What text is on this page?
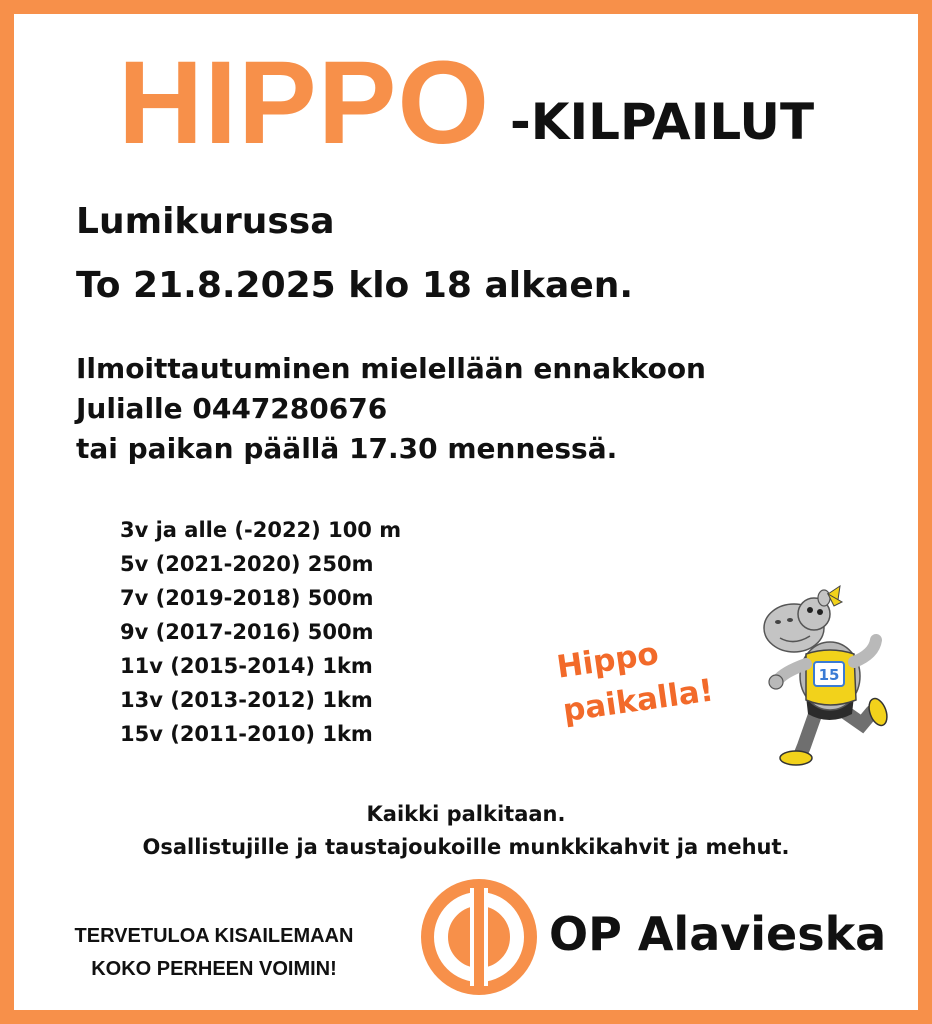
HIPPO -KILPAILUT
Lumikurussa
To 21.8.2025 klo 18 alkaen.
Ilmoittautuminen mielellään ennakkoon
Julialle 0447280676
tai paikan päällä 17.30 mennessä.
3v ja alle (-2022) 100 m
5v (2021-2020) 250m
7v (2019-2018) 500m
9v (2017-2016) 500m
11v (2015-2014) 1km
13v (2013-2012) 1km
15v (2011-2010) 1km
Hippo
paikalla!	15
Kaikki palkitaan.
Osallistujille ja taustajoukoille munkkikahvit ja mehut.
TERVETULOA KISAILEMAAN
KOKO PERHEEN VOIMIN!
OP Alavieska
